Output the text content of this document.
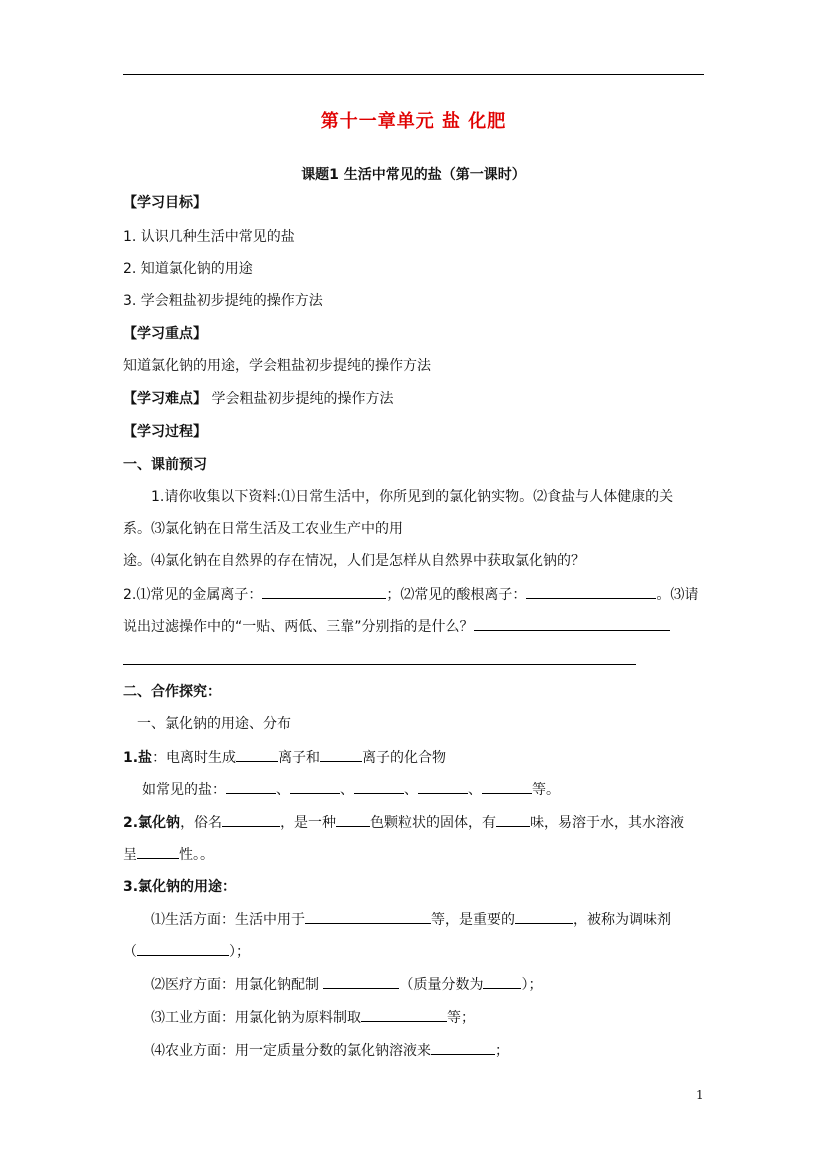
第十一章单元 盐 化肥
课题1 生活中常见的盐（第一课时）
【学习目标】
1. 认识几种生活中常见的盐
2. 知道氯化钠的用途
3. 学会粗盐初步提纯的操作方法
【学习重点】
知道氯化钠的用途，学会粗盐初步提纯的操作方法
【学习难点】 学会粗盐初步提纯的操作方法
【学习过程】
一、课前预习
1.请你收集以下资料:⑴日常生活中，你所见到的氯化钠实物。⑵食盐与人体健康的关
系。⑶氯化钠在日常生活及工农业生产中的用
途。⑷氯化钠在自然界的存在情况，人们是怎样从自然界中获取氯化钠的？
2.⑴常见的金属离子：	；⑵常见的酸根离子：	。⑶请
说出过滤操作中的“一贴、两低、三靠”分别指的是什么？
二、合作探究：
一、氯化钠的用途、分布
1.盐：电离时生成	离子和	离子的化合物
如常见的盐：	、	、	、	、	等。
2.氯化钠，俗名	，是一种 色颗粒状的固体，有 味，易溶于水，其水溶液
呈	性。。
3.氯化钠的用途：
⑴生活方面：生活中用于	等，是重要的	，被称为调味剂
（	）；
⑵医疗方面：用氯化钠配制	（质量分数为	）；
⑶工业方面：用氯化钠为原料制取	等；
⑷农业方面：用一定质量分数的氯化钠溶液来	；
1
